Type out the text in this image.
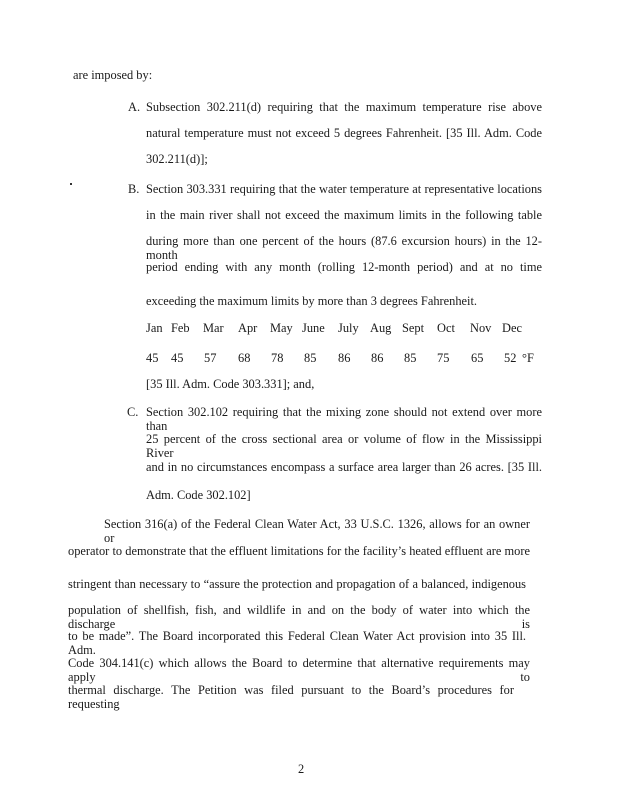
are imposed by:
A. Subsection 302.211(d) requiring that the maximum temperature rise above
natural temperature must not exceed 5 degrees Fahrenheit. [35 Ill. Adm. Code
302.211(d)];
B. Section 303.331 requiring that the water temperature at representative locations
in the main river shall not exceed the maximum limits in the following table
during more than one percent of the hours (87.6 excursion hours) in the 12-month
period ending with any month (rolling 12-month period) and at no time
exceeding the maximum limits by more than 3 degrees Fahrenheit.
Jan Feb Mar Apr May June July Aug Sept Oct Nov Dec
45 45 57 68 78 85 86 86 85 75 65 52 °F
[35 Ill. Adm. Code 303.331]; and,
C. Section 302.102 requiring that the mixing zone should not extend over more than
25 percent of the cross sectional area or volume of flow in the Mississippi River
and in no circumstances encompass a surface area larger than 26 acres. [35 Ill.
Adm. Code 302.102]
Section 316(a) of the Federal Clean Water Act, 33 U.S.C. 1326, allows for an owner or
operator to demonstrate that the effluent limitations for the facility’s heated effluent are more
stringent than necessary to “assure the protection and propagation of a balanced, indigenous
population of shellfish, fish, and wildlife in and on the body of water into which the discharge is
to be made”. The Board incorporated this Federal Clean Water Act provision into 35 Ill. Adm.
Code 304.141(c) which allows the Board to determine that alternative requirements may apply to
thermal discharge. The Petition was filed pursuant to the Board’s procedures for requesting
2
